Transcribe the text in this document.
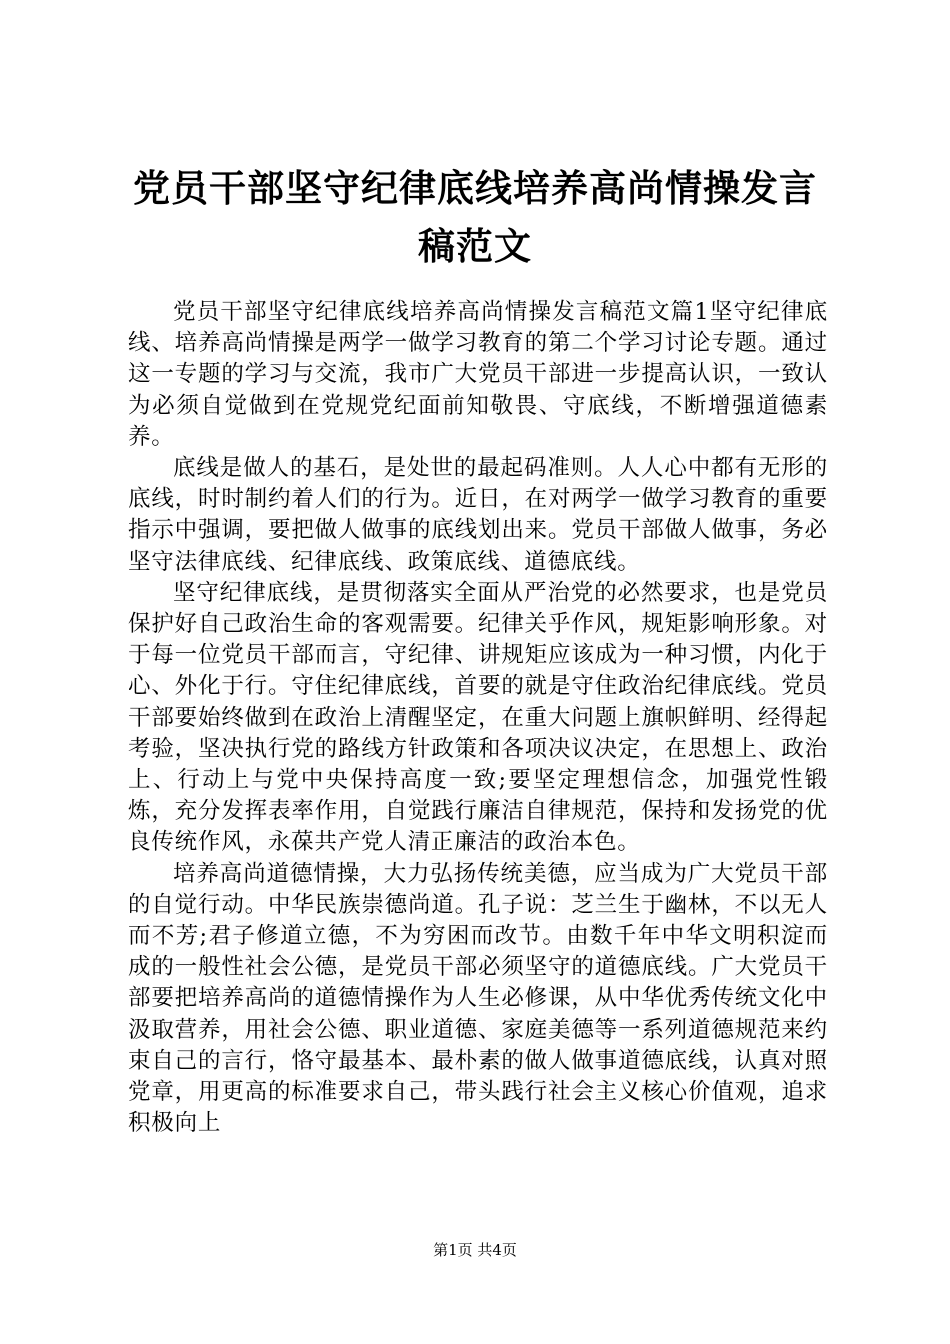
党员干部坚守纪律底线培养高尚情操发言稿范文

党员干部坚守纪律底线培养高尚情操发言稿范文篇1坚守纪律底线、培养高尚情操是两学一做学习教育的第二个学习讨论专题。通过这一专题的学习与交流，我市广大党员干部进一步提高认识，一致认为必须自觉做到在党规党纪面前知敬畏、守底线，不断增强道德素养。

底线是做人的基石，是处世的最起码准则。人人心中都有无形的底线，时时制约着人们的行为。近日，在对两学一做学习教育的重要指示中强调，要把做人做事的底线划出来。党员干部做人做事，务必坚守法律底线、纪律底线、政策底线、道德底线。

坚守纪律底线，是贯彻落实全面从严治党的必然要求，也是党员保护好自己政治生命的客观需要。纪律关乎作风，规矩影响形象。对于每一位党员干部而言，守纪律、讲规矩应该成为一种习惯，内化于心、外化于行。守住纪律底线，首要的就是守住政治纪律底线。党员干部要始终做到在政治上清醒坚定，在重大问题上旗帜鲜明、经得起考验，坚决执行党的路线方针政策和各项决议决定，在思想上、政治上、行动上与党中央保持高度一致;要坚定理想信念，加强党性锻炼，充分发挥表率作用，自觉践行廉洁自律规范，保持和发扬党的优良传统作风，永葆共产党人清正廉洁的政治本色。

培养高尚道德情操，大力弘扬传统美德，应当成为广大党员干部的自觉行动。中华民族崇德尚道。孔子说：芝兰生于幽林，不以无人而不芳;君子修道立德，不为穷困而改节。由数千年中华文明积淀而成的一般性社会公德，是党员干部必须坚守的道德底线。广大党员干部要把培养高尚的道德情操作为人生必修课，从中华优秀传统文化中汲取营养，用社会公德、职业道德、家庭美德等一系列道德规范来约束自己的言行，恪守最基本、最朴素的做人做事道德底线，认真对照党章，用更高的标准要求自己，带头践行社会主义核心价值观，追求积极向上

第1页 共4页
